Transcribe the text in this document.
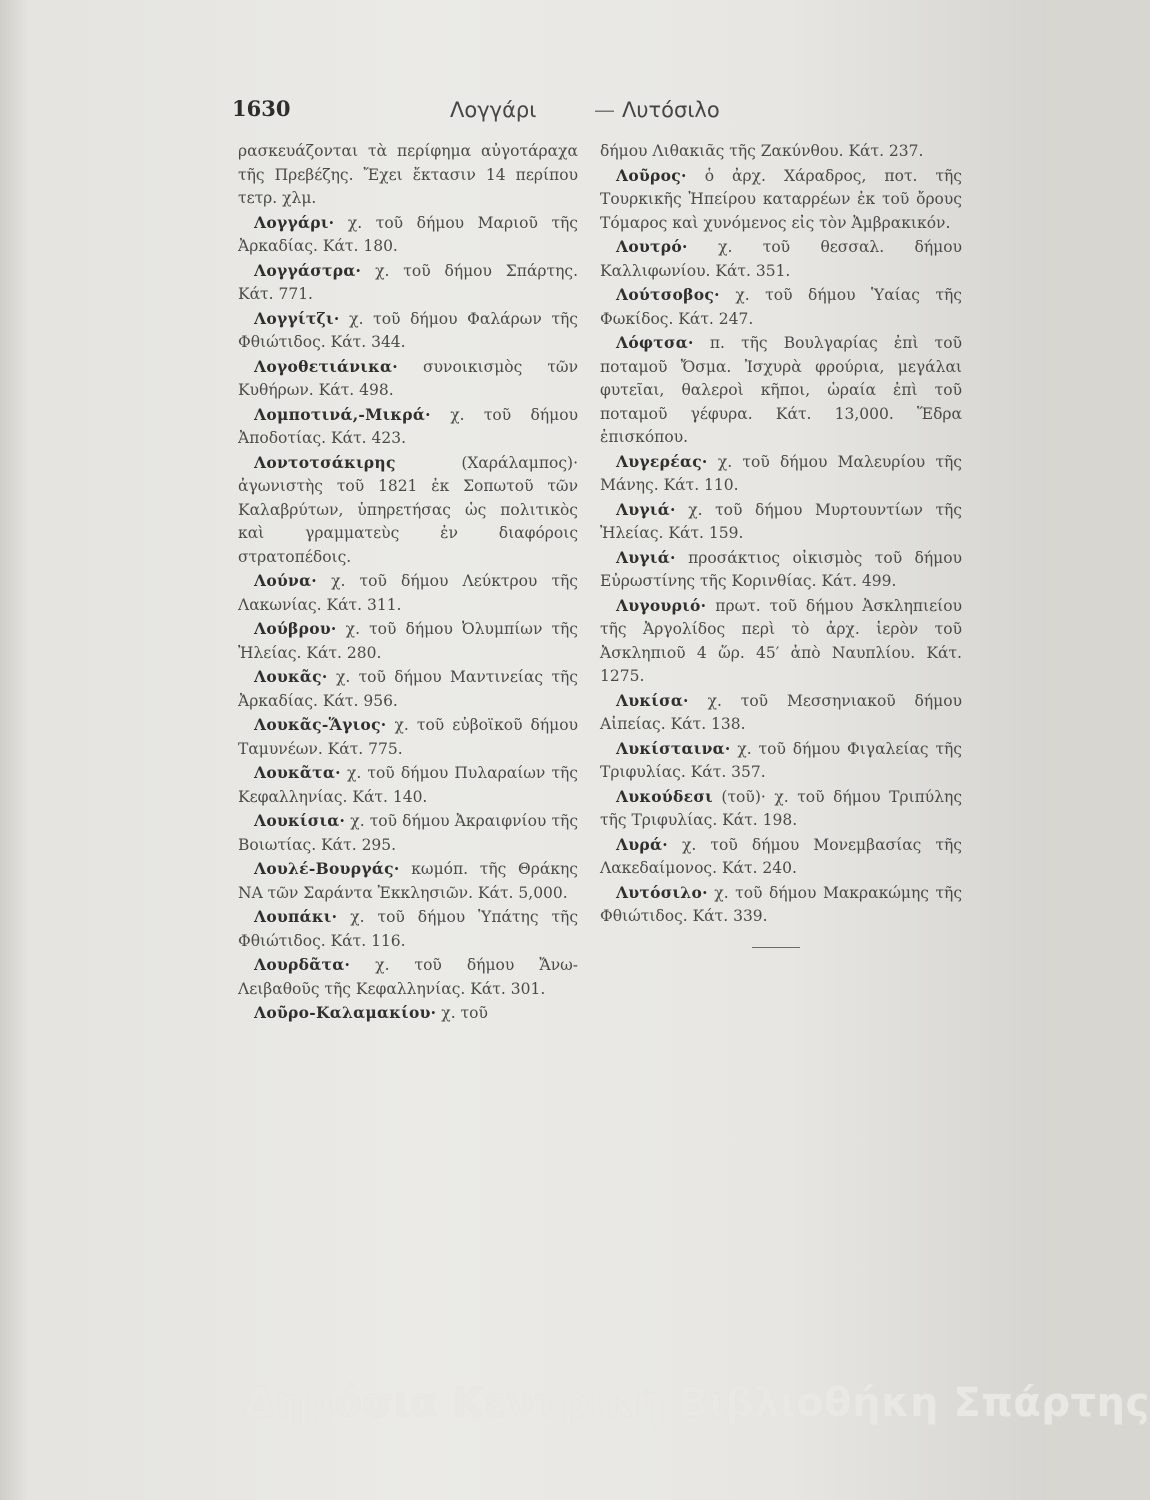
1630	Λογγάρι	— Λυτόσιλο

ρασκευάζονται τὰ περίφημα αὐγοτάραχα τῆς Πρεβέζης. Ἔχει ἔκτασιν 14 περίπου τετρ. χλμ.

Λογγάρι· χ. τοῦ δήμου Μαριοῦ τῆς Ἀρκαδίας. Κάτ. 180.

Λογγάστρα· χ. τοῦ δήμου Σπάρτης. Κάτ. 771.

Λογγίτζι· χ. τοῦ δήμου Φαλάρων τῆς Φθιώτιδος. Κάτ. 344.

Λογοθετιάνικα· συνοικισμὸς τῶν Κυθήρων. Κάτ. 498.

Λομποτινά,-Μικρά· χ. τοῦ δήμου Ἀποδοτίας. Κάτ. 423.

Λοντοτσάκιρης (Χαράλαμπος)· ἀγωνιστὴς τοῦ 1821 ἐκ Σοπωτοῦ τῶν Καλαβρύτων, ὑπηρετήσας ὡς πολιτικὸς καὶ γραμματεὺς ἐν διαφόροις στρατοπέδοις.

Λούνα· χ. τοῦ δήμου Λεύκτρου τῆς Λακωνίας. Κάτ. 311.

Λούβρου· χ. τοῦ δήμου Ὀλυμπίων τῆς Ἠλείας. Κάτ. 280.

Λουκᾶς· χ. τοῦ δήμου Μαντινείας τῆς Ἀρκαδίας. Κάτ. 956.

Λουκᾶς-Ἅγιος· χ. τοῦ εὐβοϊκοῦ δήμου Ταμυνέων. Κάτ. 775.

Λουκᾶτα· χ. τοῦ δήμου Πυλαραίων τῆς Κεφαλληνίας. Κάτ. 140.

Λουκίσια· χ. τοῦ δήμου Ἀκραιφνίου τῆς Βοιωτίας. Κάτ. 295.

Λουλέ-Βουργάς· κωμόπ. τῆς Θράκης ΝΑ τῶν Σαράντα Ἐκκλησιῶν. Κάτ. 5,000.

Λουπάκι· χ. τοῦ δήμου Ὑπάτης τῆς Φθιώτιδος. Κάτ. 116.

Λουρδᾶτα· χ. τοῦ δήμου Ἄνω-Λειβαθοῦς τῆς Κεφαλληνίας. Κάτ. 301.

Λοῦρο-Καλαμακίου· χ. τοῦ

δήμου Λιθακιᾶς τῆς Ζακύνθου. Κάτ. 237.

Λοῦρος· ὁ ἀρχ. Χάραδρος, ποτ. τῆς Τουρκικῆς Ἠπείρου καταρρέων ἐκ τοῦ ὄρους Τόμαρος καὶ χυνόμενος εἰς τὸν Ἀμβρακικόν.

Λουτρό· χ. τοῦ θεσσαλ. δήμου Καλλιφωνίου. Κάτ. 351.

Λούτσοβος· χ. τοῦ δήμου Ὑαίας τῆς Φωκίδος. Κάτ. 247.

Λόφτσα· π. τῆς Βουλγαρίας ἐπὶ τοῦ ποταμοῦ Ὄσμα. Ἰσχυρὰ φρούρια, μεγάλαι φυτεῖαι, θαλεροὶ κῆποι, ὡραία ἐπὶ τοῦ ποταμοῦ γέφυρα. Κάτ. 13,000. Ἕδρα ἐπισκόπου.

Λυγερέας· χ. τοῦ δήμου Μαλευρίου τῆς Μάνης. Κάτ. 110.

Λυγιά· χ. τοῦ δήμου Μυρτουντίων τῆς Ἠλείας. Κάτ. 159.

Λυγιά· προσάκτιος οἰκισμὸς τοῦ δήμου Εὐρωστίνης τῆς Κορινθίας. Κάτ. 499.

Λυγουριό· πρωτ. τοῦ δήμου Ἀσκληπιείου τῆς Ἀργολίδος περὶ τὸ ἀρχ. ἱερὸν τοῦ Ἀσκληπιοῦ 4 ὥρ. 45′ ἀπὸ Ναυπλίου. Κάτ. 1275.

Λυκίσα· χ. τοῦ Μεσσηνιακοῦ δήμου Αἰπείας. Κάτ. 138.

Λυκίσταινα· χ. τοῦ δήμου Φιγαλείας τῆς Τριφυλίας. Κάτ. 357.

Λυκούδεσι (τοῦ)· χ. τοῦ δήμου Τριπύλης τῆς Τριφυλίας. Κάτ. 198.

Λυρά· χ. τοῦ δήμου Μονεμβασίας τῆς Λακεδαίμονος. Κάτ. 240.

Λυτόσιλο· χ. τοῦ δήμου Μακρακώμης τῆς Φθιώτιδος. Κάτ. 339.

Δημόσια Κεντρική Βιβλιοθήκη Σπάρτης
